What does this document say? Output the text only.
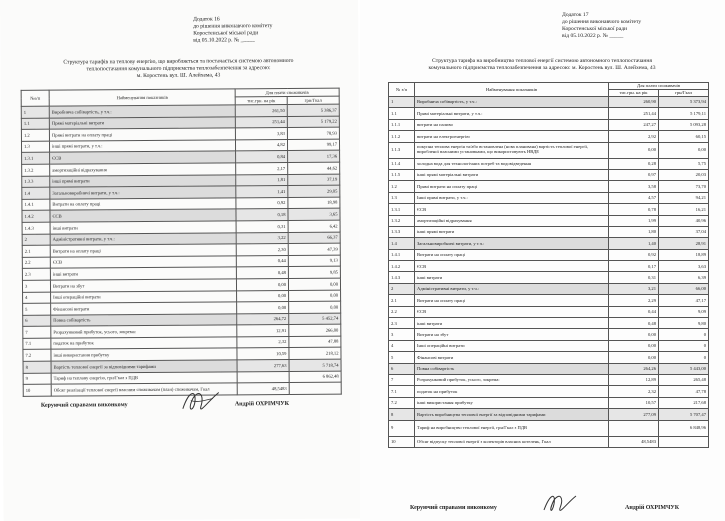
Додаток 16
до рішення виконавчого комітету
Коростенської міської ради
від 05.10.2022 р. № _____
Структура тарифів на теплову енергію, що виробляється та постачається системою автономного
теплопостачання комунального підприємства теплозабезпечення за адресою:
м. Коростень вул. Ш. Алейхема, 43
№з/п	Найменування показників	Для плати споживачів	
		тис.грн. на рік	грн/Гкал
1	Виробнича собівартість, у т.ч.:	261,50	5 386,37
1.1	Прямі матеріальні витрати	251,44	5 179,22
1.2	Прямі витрати на оплату праці	3,83	78,93
1.3	інші прямі витрати, у т.ч.:	4,82	99,17
1.3.1	ЄСВ	0,84	17,36
1.3.2	амортизаційні відрахування	2,17	44,62
1.3.3	інші прямі витрати	1,81	37,19
1.4	Загальновиробничі витрати, у т.ч.:	1,41	29,05
1.4.1	Витрати на оплату праці	0,92	18,98
1.4.2	ЄСВ	0,18	3,65
1.4.3	інші витрати	0,31	6,42
2	Адміністративні витрати, у т.ч.:	3,22	66,37
2.1	Витрати на оплату праці	2,30	47,39
2.2	ЄСВ	0,44	9,13
2.3	інші витрати	0,48	9,85
3	Витрати на збут	0,00	0,00
4	Інші операційні витрати	0,00	0,00
5	Фінансові витрати	0,00	0,00
6	Повна собівартість	264,72	5 452,74
7	Розрахунковий прибуток, усього, зокрема:	12,91	266,00
7.1	податок на прибуток	2,32	47,88
7.2	інші використання прибутку	10,59	218,12
8	Вартість теплової енергії за відповідними тарифами	277,63	5 718,74
9	Тариф на теплову енергію, грн/Гкал з ПДВ		6 862,48
10	Обсяг реалізації теплової енергії власним споживачам (план) споживачам, Гкал	48,5483	
Керуючий справами виконкому	Андрій ОХРІМЧУК
Додаток 17
до рішення виконавчого комітету
Коростенської міської ради
від 05.10.2022 р. № _____
Структура тарифа на виробництво теплової енергії системою автономного теплопостачання
комунального підприємства теплозабезпечення за адресою: м. Коростень вул. Ш. Алейхема, 43
№ з/п	Найменування показників	Для плати споживачів	
		тис.грн. на рік	грн/Гкал
1	Виробнича собівартість, у т.ч.:	260,90	5 373,94
1.1	Прямі матеріальні витрати, у т.ч.:	251,44	5 179,11
1.1.1	витрати на паливо	247,27	5 093,28
1.1.2	витрати на електроенергію	2,92	60,15
1.1.3	покупна теплова енергія та/або встановлена (нова планована) вартість теплової енергії, виробленої власними установками, що використовують НВДЕ	0,00	0,00
1.1.4	холодна вода для технологічних потреб та водовідведення	0,28	5,75
1.1.5	інші прямі матеріальні витрати	0,97	20,03
1.2	Прямі витрати на оплату праці	3,58	73,70
1.3	Інші прямі витрати, у т.ч.:	4,57	94,21
1.3.1	ЄСВ	0,78	16,21
1.3.2	амортизаційні відрахування	1,99	40,96
1.3.3	інші прямі витрати	1,80	37,04
1.4	Загальновиробничі витрати, у т.ч.:	1,40	28,91
1.4.1	Витрати на оплату праці	0,92	18,89
1.4.2	ЄСВ	0,17	3,63
1.4.3	інші витрати	0,31	6,39
2	Адміністративні витрати, у т.ч.:	3,21	66,00
2.1	Витрати на оплату праці	2,29	47,17
2.2	ЄСВ	0,44	9,09
2.3	інші витрати	0,48	9,80
3	Витрати на збут	0,00	0
4	Інші операційні витрати	0,00	0
5	Фінансові витрати	0,00	0
6	Повна собівартість	264,26	5 443,00
7	Розрахунковий прибуток, усього, зокрема:	12,89	265,48
7.1	податок на прибуток	2,32	47,78
7.2	інші використання прибутку	10,57	217,68
8	Вартість виробництва теплової енергії за відповідними тарифами	277,09	5 707,47
9	Тариф на виробництво теплової енергії, грн/Гкал з ПДВ		6 848,96
10	Обсяг відпуску теплової енергії з колекторів власних котелень, Гкал	48,5483	
Керуючий справами виконкому	Андрій ОХРІМЧУК
